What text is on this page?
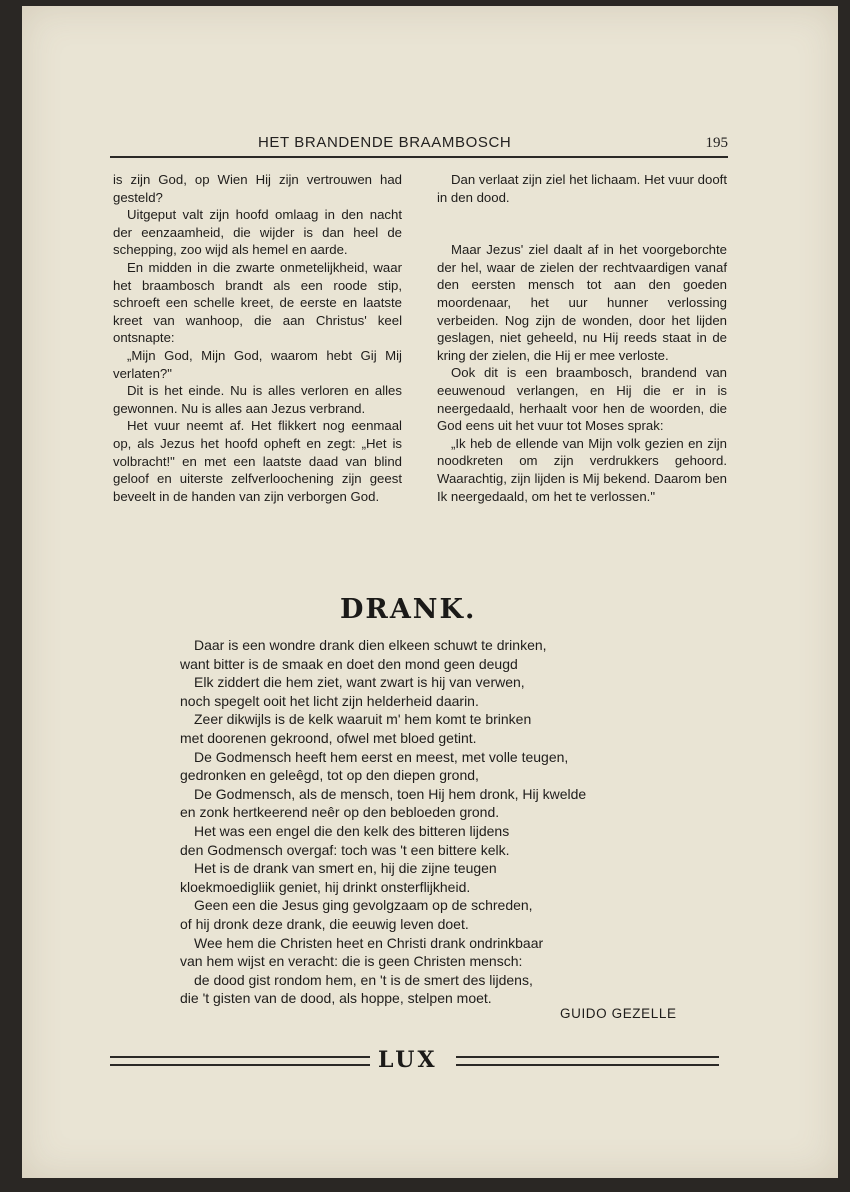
HET BRANDENDE BRAAMBOSCH	195

is zijn God, op Wien Hij zijn vertrouwen had gesteld?

Uitgeput valt zijn hoofd omlaag in den nacht der eenzaamheid, die wijder is dan heel de schepping, zoo wijd als hemel en aarde.

En midden in die zwarte onmetelijkheid, waar het braambosch brandt als een roode stip, schroeft een schelle kreet, de eerste en laatste kreet van wanhoop, die aan Christus' keel ontsnapte:

„Mijn God, Mijn God, waarom hebt Gij Mij verlaten?"

Dit is het einde. Nu is alles verloren en alles gewonnen. Nu is alles aan Jezus verbrand.

Het vuur neemt af. Het flikkert nog eenmaal op, als Jezus het hoofd opheft en zegt: „Het is volbracht!" en met een laatste daad van blind geloof en uiterste zelfverloochening zijn geest beveelt in de handen van zijn verborgen God.

Dan verlaat zijn ziel het lichaam. Het vuur dooft in den dood.

Maar Jezus' ziel daalt af in het voorgeborchte der hel, waar de zielen der rechtvaardigen vanaf den eersten mensch tot aan den goeden moordenaar, het uur hunner verlossing verbeiden. Nog zijn de wonden, door het lijden geslagen, niet geheeld, nu Hij reeds staat in de kring der zielen, die Hij er mee verloste.

Ook dit is een braambosch, brandend van eeuwenoud verlangen, en Hij die er in is neergedaald, herhaalt voor hen de woorden, die God eens uit het vuur tot Moses sprak:

„Ik heb de ellende van Mijn volk gezien en zijn noodkreten om zijn verdrukkers gehoord. Waarachtig, zijn lijden is Mij bekend. Daarom ben Ik neergedaald, om het te verlossen."

DRANK.
Daar is een wondre drank dien elkeen schuwt te drinken,
want bitter is de smaak en doet den mond geen deugd
Elk ziddert die hem ziet, want zwart is hij van verwen,
noch spegelt ooit het licht zijn helderheid daarin.
Zeer dikwijls is de kelk waaruit m' hem komt te brinken
met doorenen gekroond, ofwel met bloed getint.
De Godmensch heeft hem eerst en meest, met volle teugen,
gedronken en geleêgd, tot op den diepen grond,
De Godmensch, als de mensch, toen Hij hem dronk, Hij kwelde
en zonk hertkeerend neêr op den bebloeden grond.
Het was een engel die den kelk des bitteren lijdens
den Godmensch overgaf: toch was 't een bittere kelk.
Het is de drank van smert en, hij die zijne teugen
kloekmoedigliik geniet, hij drinkt onsterflijkheid.
Geen een die Jesus ging gevolgzaam op de schreden,
of hij dronk deze drank, die eeuwig leven doet.
Wee hem die Christen heet en Christi drank ondrinkbaar
van hem wijst en veracht: die is geen Christen mensch:
de dood gist rondom hem, en 't is de smert des lijdens,
die 't gisten van de dood, als hoppe, stelpen moet.
GUIDO GEZELLE
LUX
